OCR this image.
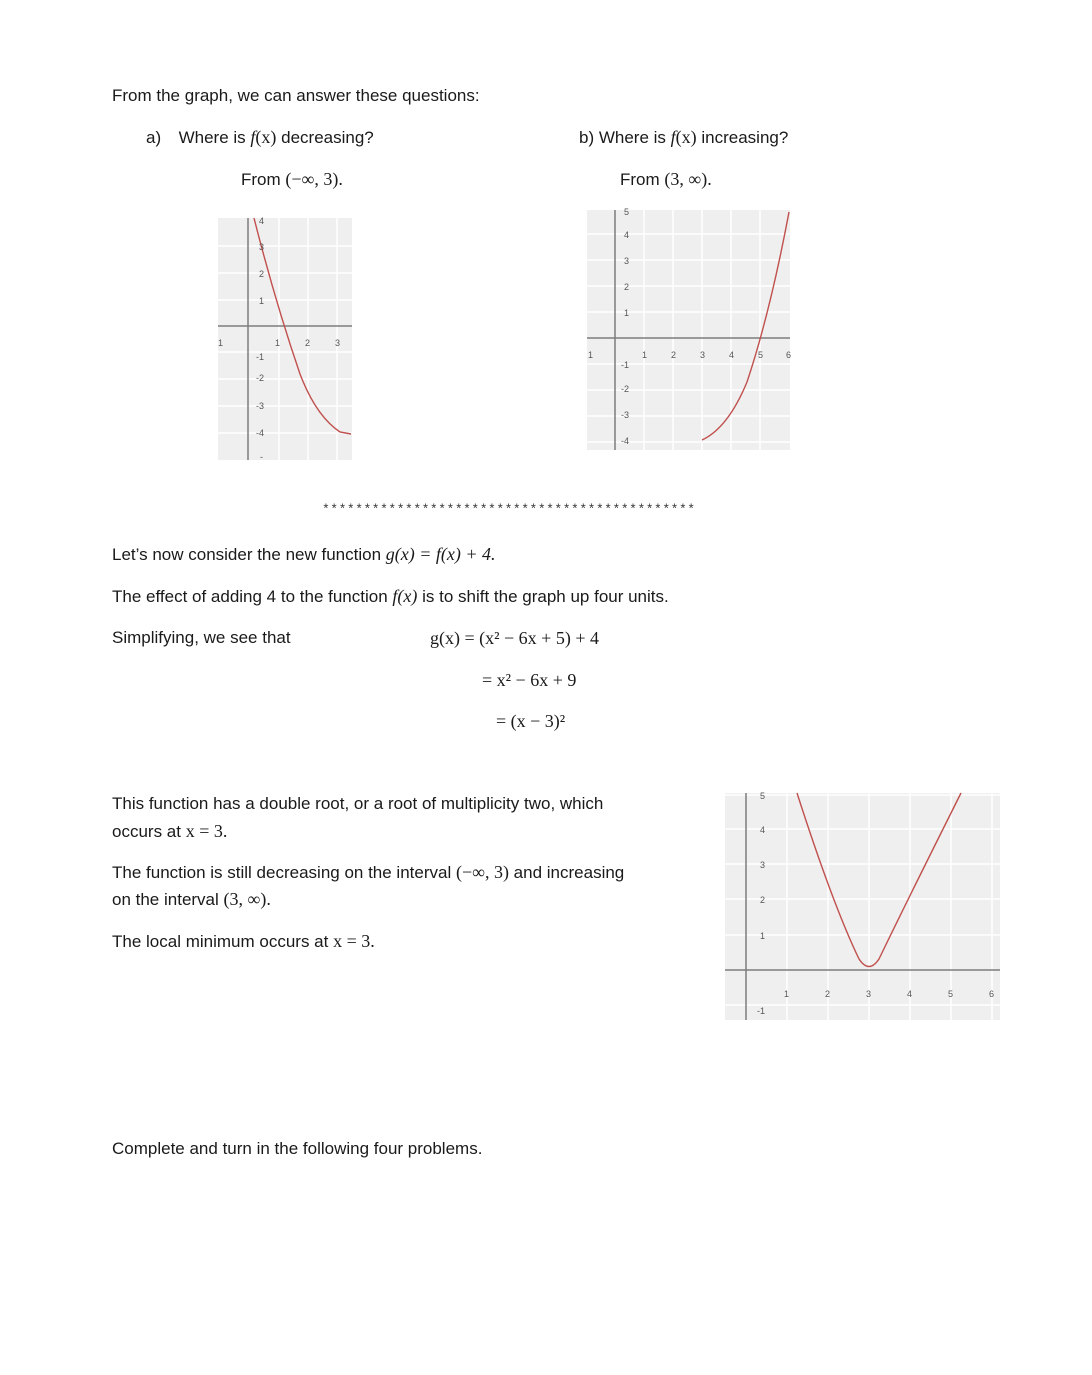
From the graph, we can answer these questions:
a) Where is f(x) decreasing?	b) Where is f(x) increasing?
From (−∞, 3).	From (3, ∞).
4
3
2
1
-1
-2
-3
-4
-
1	1	2	3
5
4
3
2
1
-1
-2
-3
-4
1	1	2	3	4	5	6
*********************************************
Let’s now consider the new function g(x) = f(x) + 4.
The effect of adding 4 to the function f(x) is to shift the graph up four units.
Simplifying, we see that	g(x) = (x² − 6x + 5) + 4
= x² − 6x + 9
= (x − 3)²
This function has a double root, or a root of multiplicity two, which
occurs at x = 3.
The function is still decreasing on the interval (−∞, 3) and increasing
on the interval (3, ∞).
The local minimum occurs at x = 3.
5
4
3
2
1
-1
1	2	3	4	5	6
Complete and turn in the following four problems.
